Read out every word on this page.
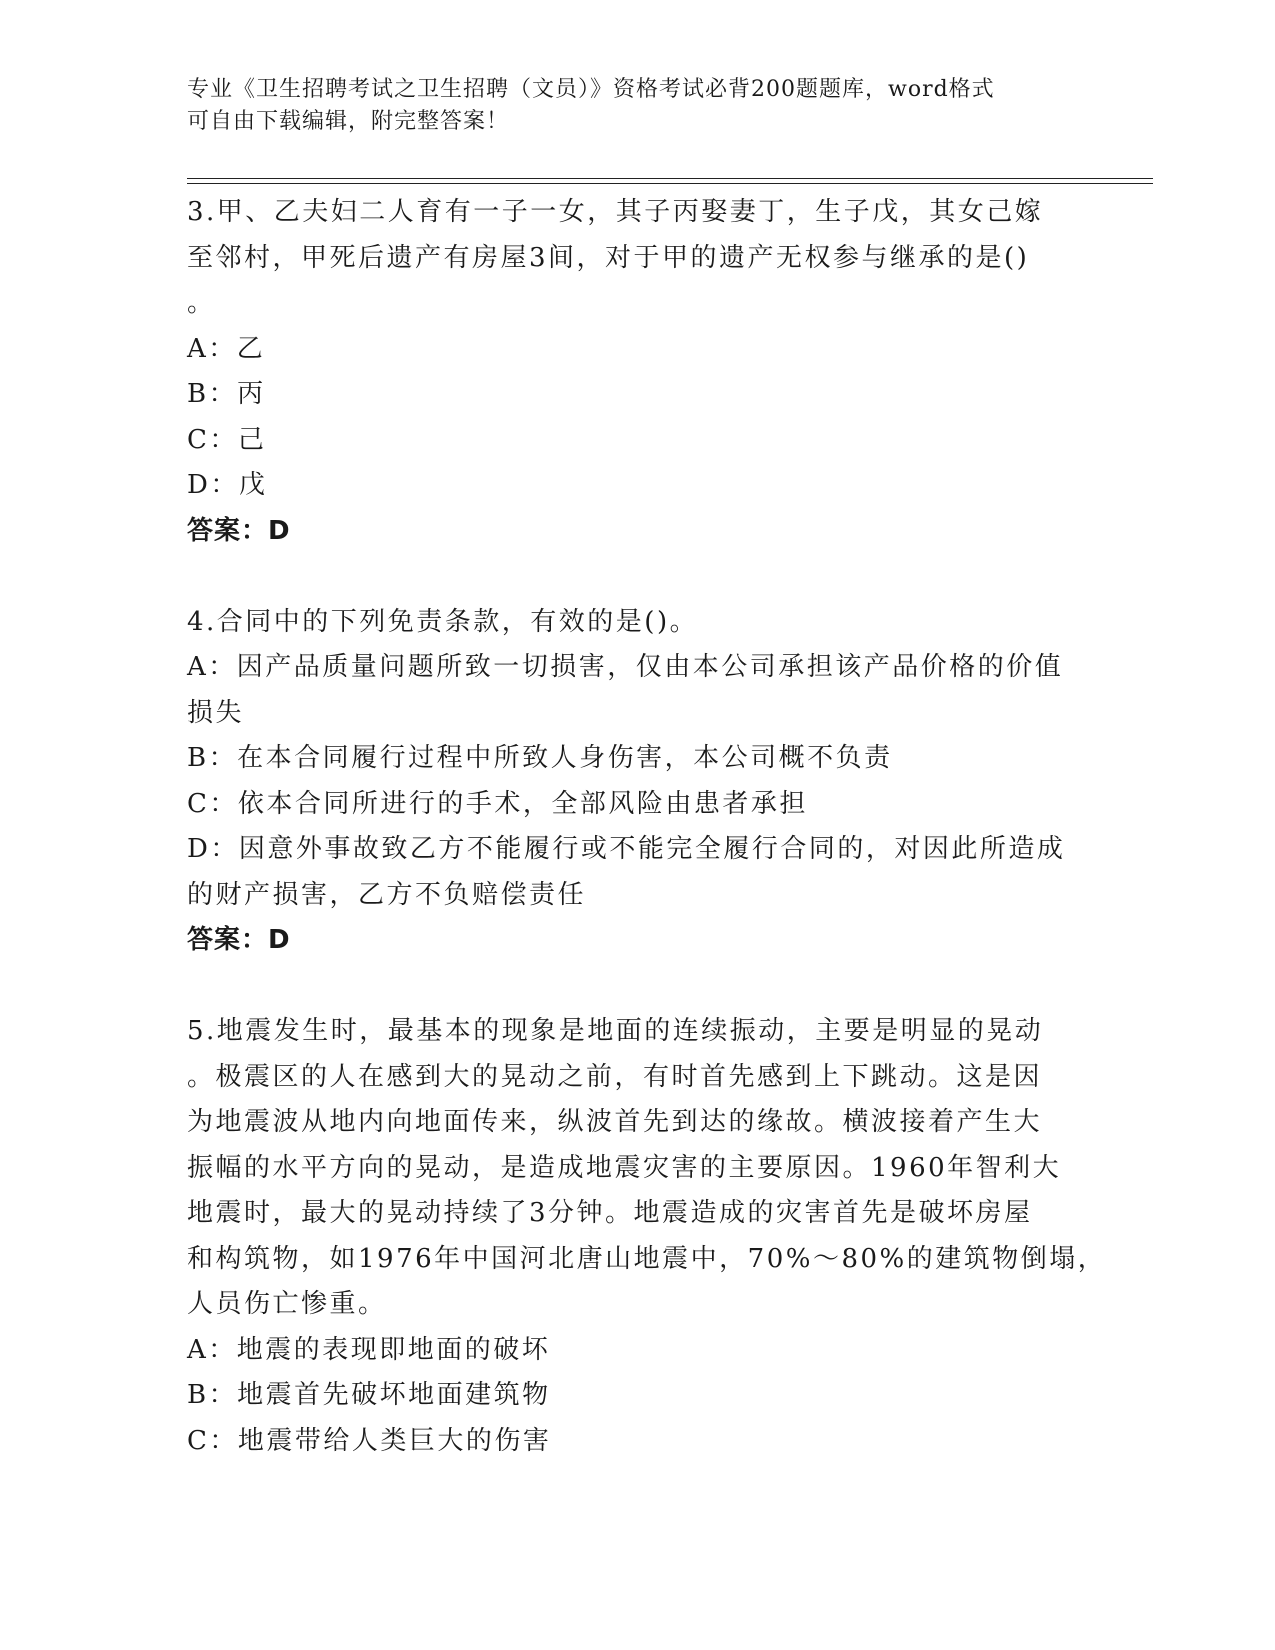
专业《卫生招聘考试之卫生招聘（文员）》资格考试必背200题题库，word格式
可自由下载编辑，附完整答案！
3.甲、乙夫妇二人育有一子一女，其子丙娶妻丁，生子戊，其女己嫁
至邻村，甲死后遗产有房屋3间，对于甲的遗产无权参与继承的是()
。
A：乙
B：丙
C：己
D：戊
答案：D
4.合同中的下列免责条款，有效的是()。
A：因产品质量问题所致一切损害，仅由本公司承担该产品价格的价值
损失
B：在本合同履行过程中所致人身伤害，本公司概不负责
C：依本合同所进行的手术，全部风险由患者承担
D：因意外事故致乙方不能履行或不能完全履行合同的，对因此所造成
的财产损害，乙方不负赔偿责任
答案：D
5.地震发生时，最基本的现象是地面的连续振动，主要是明显的晃动
。极震区的人在感到大的晃动之前，有时首先感到上下跳动。这是因
为地震波从地内向地面传来，纵波首先到达的缘故。横波接着产生大
振幅的水平方向的晃动，是造成地震灾害的主要原因。1960年智利大
地震时，最大的晃动持续了3分钟。地震造成的灾害首先是破坏房屋
和构筑物，如1976年中国河北唐山地震中，70%～80%的建筑物倒塌，
人员伤亡惨重。
A：地震的表现即地面的破坏
B：地震首先破坏地面建筑物
C：地震带给人类巨大的伤害
